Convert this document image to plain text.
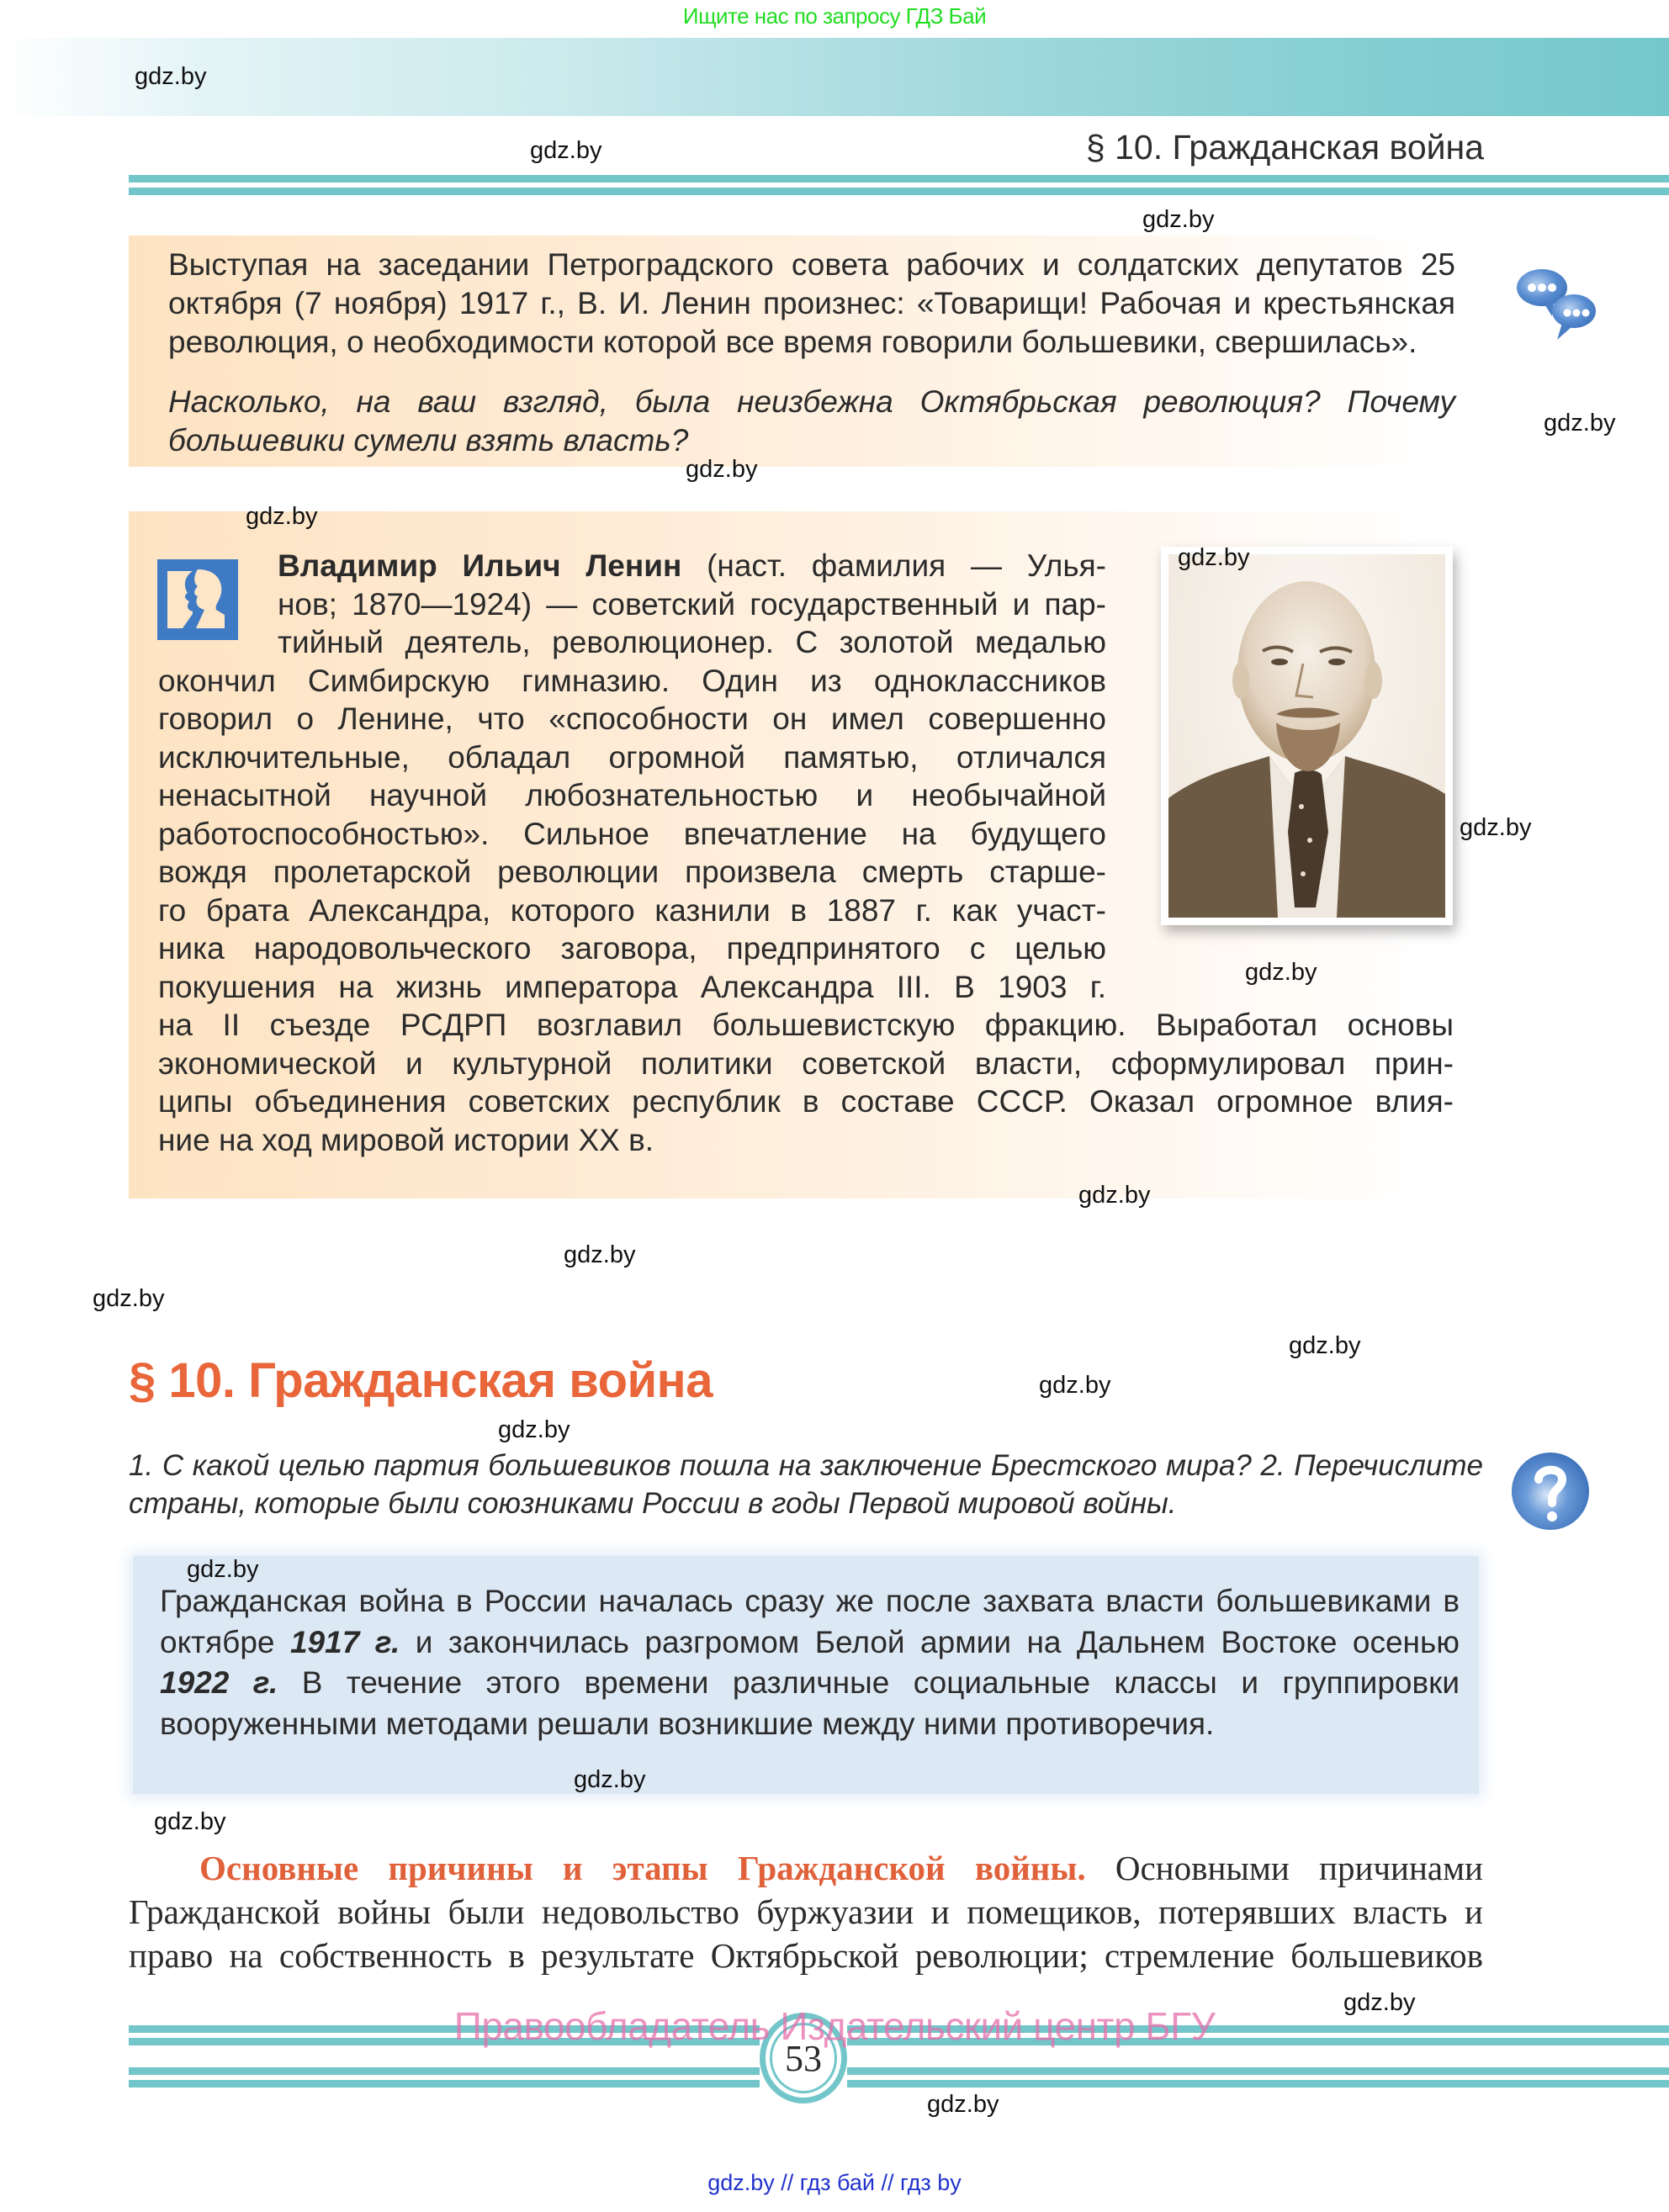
Ищите нас по запросу ГДЗ Бай
§ 10. Гражданская война
Выступая на заседании Петроградского совета рабочих и солдатских депутатов 25 октября (7 ноября) 1917 г., В. И. Ленин произнес: «Товарищи! Рабочая и крестьянская революция, о необходимости которой все время говорили большевики, свершилась».
Насколько, на ваш взгляд, была неизбежна Октябрьская революция? Почему большевики сумели взять власть?
Владимир Ильич Ленин (наст. фамилия — Улья-
нов; 1870—1924) — советский государственный и пар-
тийный деятель, революционер. С золотой медалью
окончил Симбирскую гимназию. Один из одноклассников
говорил о Ленине, что «способности он имел совершенно
исключительные, обладал огромной памятью, отличался
ненасытной научной любознательностью и необычайной
работоспособностью». Сильное впечатление на будущего
вождя пролетарской революции произвела смерть старше-
го брата Александра, которого казнили в 1887 г. как участ-
ника народовольческого заговора, предпринятого с целью
покушения на жизнь императора Александра III. В 1903 г.
на II съезде РСДРП возглавил большевистскую фракцию. Выработал основы
экономической и культурной политики советской власти, сформулировал прин-
ципы объединения советских республик в составе СССР. Оказал огромное влия-
ние на ход мировой истории XX в.
§ 10. Гражданская война
1. С какой целью партия большевиков пошла на заключение Брестского мира? 2. Перечислите страны, которые были союзниками России в годы Первой мировой войны.
Гражданская война в России началась сразу же после захвата власти большевиками в октябре 1917 г. и закончилась разгромом Белой армии на Дальнем Востоке осенью 1922 г. В течение этого времени различные социальные классы и группировки вооруженными методами решали возникшие между ними противоречия.
Основные причины и этапы Гражданской войны. Основными причинами Гражданской войны были недовольство буржуазии и помещиков, потерявших власть и право на собственность в результате Октябрьской революции; стремление большевиков
53
Правообладатель Издательский центр БГУ
gdz.by // гдз бай // гдз by
gdz.by
gdz.by
gdz.by
gdz.by
gdz.by
gdz.by
gdz.by
gdz.by
gdz.by
gdz.by
gdz.by
gdz.by
gdz.by
gdz.by
gdz.by
gdz.by
gdz.by
gdz.by
gdz.by
gdz.by
